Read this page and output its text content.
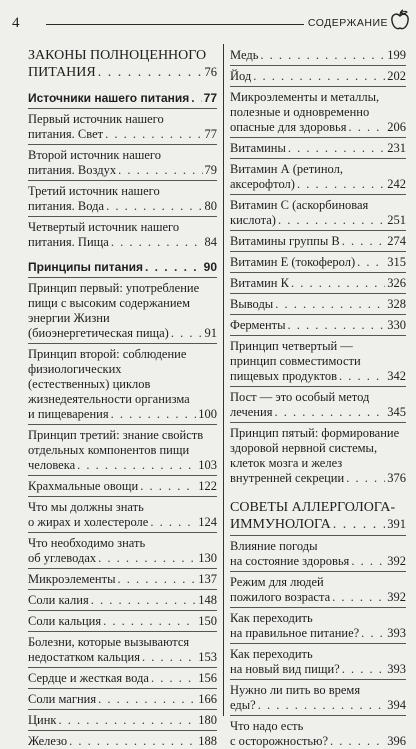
4	СОДЕРЖАНИЕ
ЗАКОНЫ ПОЛНОЦЕННОГО
ПИТАНИЯ . . .	76
Источники нашего питания . . . 77
Первый источник нашего
питания. Свет . . .	77
Второй источник нашего
питания. Воздух . . .	79
Третий источник нашего
питания. Вода . . .	80
Четвертый источник нашего
питания. Пища . . .	84
Принципы питания . . .	90
Принцип первый: употребление
пищи с высоким содержанием
энергии Жизни
(биоэнергетическая пища) . . .	91
Принцип второй: соблюдение
физиологических
(естественных) циклов
жизнедеятельности организма
и пищеварения . . .	100
Принцип третий: знание свойств
отдельных компонентов пищи
человека . . .	103
Крахмальные овощи . . .	122
Что мы должны знать
о жирах и холестероле . . .	124
Что необходимо знать
об углеводах . . .	130
Микроэлементы . . .	137
Соли калия . . .	148
Соли кальция . . .	150
Болезни, которые вызываются
недостатком кальция . . .	153
Сердце и жесткая вода . . .	156
Соли магния . . .	166
Цинк . . .	180
Железо . . .	188
Медь . . .	199
Йод . . .	202
Микроэлементы и металлы,
полезные и одновременно
опасные для здоровья . . .	206
Витамины . . .	231
Витамин А (ретинол,
аксерофтол) . . .	242
Витамин С (аскорбиновая
кислота) . . .	251
Витамины группы В . . .	274
Витамин Е (токоферол) . . .	315
Витамин К . . .	326
Выводы . . .	328
Ферменты . . .	330
Принцип четвертый —
принцип совместимости
пищевых продуктов . . .	342
Пост — это особый метод
лечения . . .	345
Принцип пятый: формирование
здоровой нервной системы,
клеток мозга и желез
внутренней секреции . . .	376
СОВЕТЫ АЛЛЕРГОЛОГА-
ИММУНОЛОГА . . .	391
Влияние погоды
на состояние здоровья . . .	392
Режим для людей
пожилого возраста . . .	392
Как переходить
на правильное питание? . . . 393
Как переходить
на новый вид пищи? . . .	393
Нужно ли пить во время
еды? . . .	394
Что надо есть
с осторожностью? . . .	396
